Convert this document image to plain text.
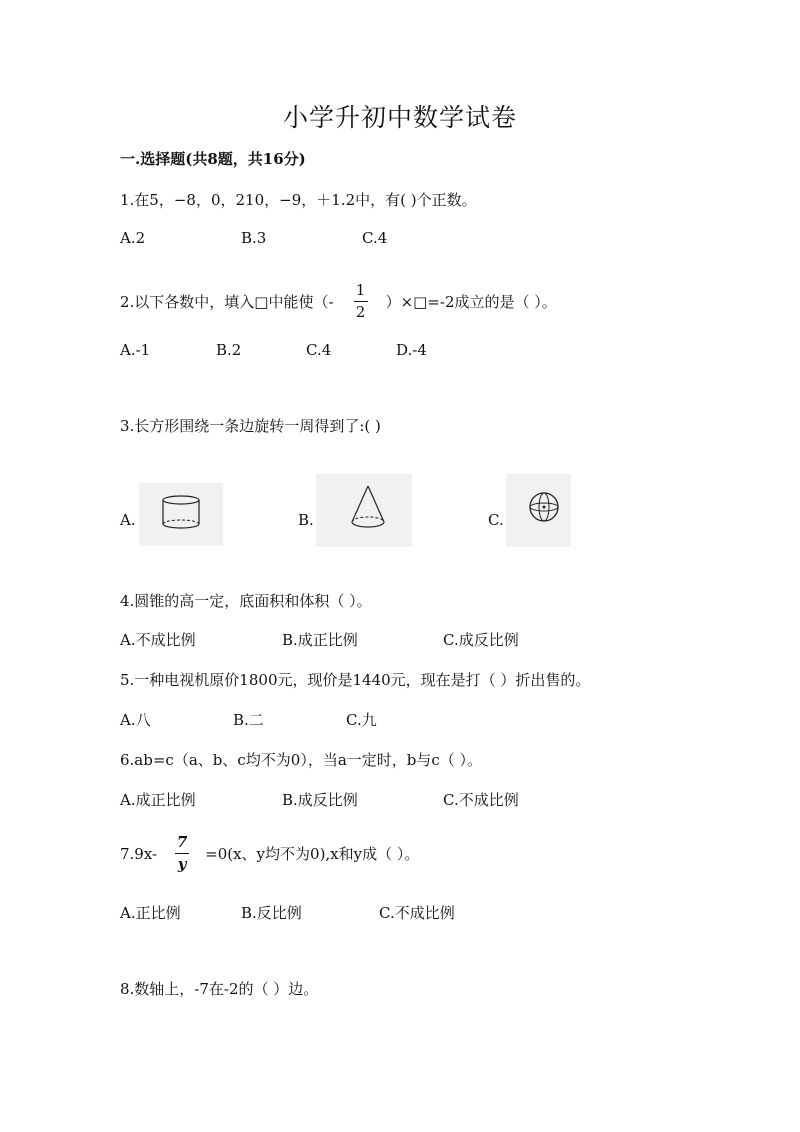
小学升初中数学试卷
一.选择题(共8题，共16分)
1.在5，−8，0，210，−9，＋1.2中，有( )个正数。
A.2	B.3	C.4
2.以下各数中，填入□中能使（- $\frac{1}{2}$ ）×□=-2成立的是（ ）。
A.-1	B.2	C.4	D.-4
3.长方形围绕一条边旋转一周得到了:( )
A.	B.	C.
4.圆锥的高一定，底面积和体积（ ）。
A.不成比例	B.成正比例	C.成反比例
5.一种电视机原价1800元，现价是1440元，现在是打（ ）折出售的。
A.八	B.二	C.九
6.ab=c（a、b、c均不为0），当a一定时，b与c（ ）。
A.成正比例	B.成反比例	C.不成比例
$7.9x- \frac{7}{y} =0(x$、y均不为0),x和y成（ ）。
A.正比例	B.反比例	C.不成比例
8.数轴上，-7在-2的（ ）边。
